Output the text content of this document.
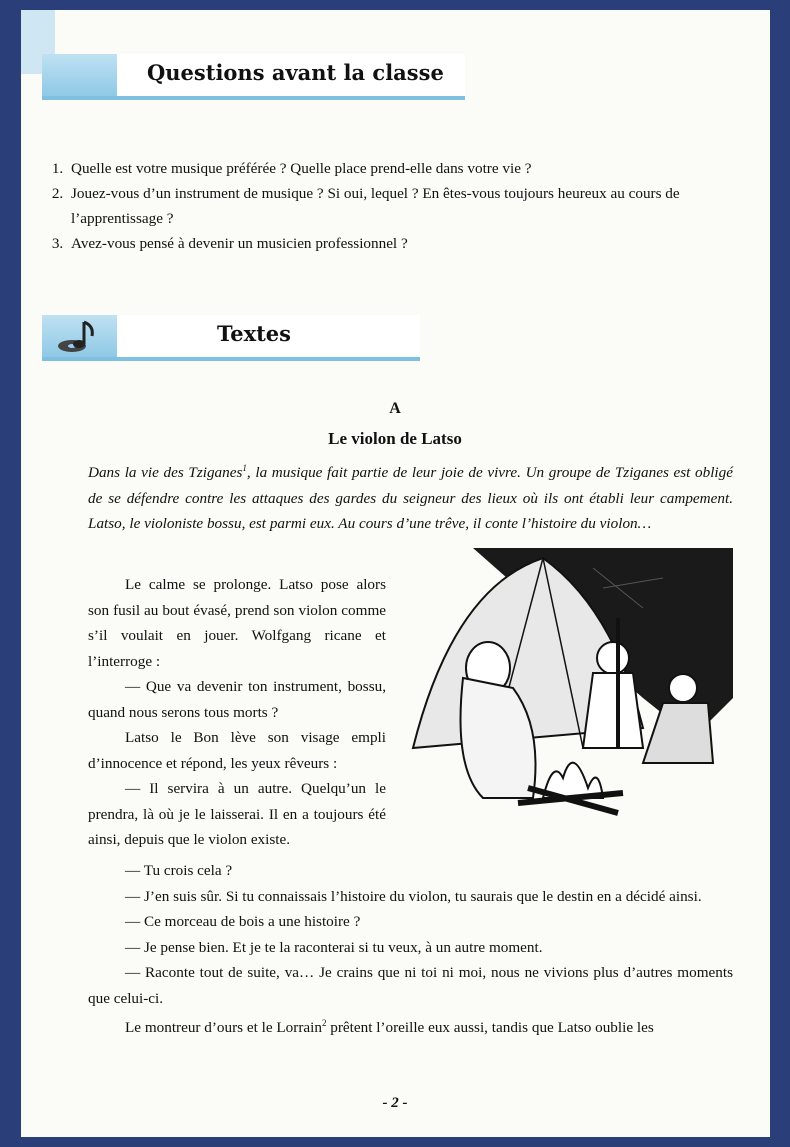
Questions avant la classe
1. Quelle est votre musique préférée ? Quelle place prend-elle dans votre vie ?
2. Jouez-vous d’un instrument de musique ? Si oui, lequel ? En êtes-vous toujours heureux au cours de l’apprentissage ?
3. Avez-vous pensé à devenir un musicien professionnel ?
Textes
A
Le violon de Latso
Dans la vie des Tziganes$^1$, la musique fait partie de leur joie de vivre. Un groupe de Tziganes est obligé de se défendre contre les attaques des gardes du seigneur des lieux où ils ont établi leur campement. Latso, le violoniste bossu, est parmi eux. Au cours d’une trêve, il conte l’histoire du violon…

Le calme se prolonge. Latso pose alors son fusil au bout évasé, prend son violon comme s’il voulait en jouer. Wolfgang ricane et l’interroge :

— Que va devenir ton instrument, bossu, quand nous serons tous morts ?

Latso le Bon lève son visage empli d’innocence et répond, les yeux rêveurs :

— Il servira à un autre. Quelqu’un le prendra, là où je le laisserai. Il en a toujours été ainsi, depuis que le violon existe.

— Tu crois cela ?

— J’en suis sûr. Si tu connaissais l’histoire du violon, tu saurais que le destin en a décidé ainsi.

— Ce morceau de bois a une histoire ?

— Je pense bien. Et je te la raconterai si tu veux, à un autre moment.

— Raconte tout de suite, va… Je crains que ni toi ni moi, nous ne vivions plus d’autres moments que celui-ci.

Le montreur d’ours et le Lorrain$^2$ prêtent l’oreille eux aussi, tandis que Latso oublie les

- 2 -
